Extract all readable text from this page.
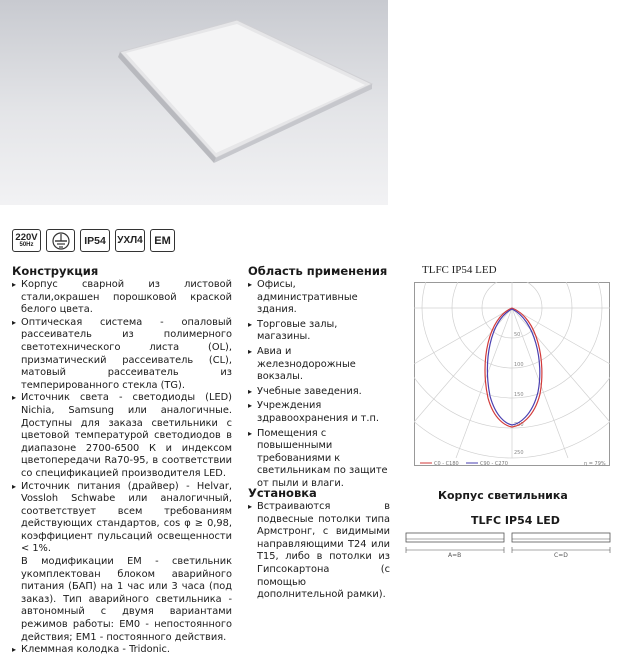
220V
50Hz	IP54	УХЛ4	EM
Конструкция
▸ Корпус сварной из листовой стали,окрашен порошковой краской белого цвета.
▸ Оптическая система - опаловый рассеиватель из полимерного светотехнического листа (OL), призматический рассеиватель (CL), матовый рассеиватель из темперированного стекла (TG).
▸ Источник света - светодиоды (LED) Nichia, Samsung или аналогичные. Доступны для заказа светильники с цветовой температурой светодиодов в диапазоне 2700-6500 К и индексом цветопередачи Ra70-95, в соответствии со спецификацией производителя LED.
▸ Источник питания (драйвер) - Helvar, Vossloh Schwabe или аналогичный, соответствует всем требованиям действующих стандартов, cos φ ≥ 0,98, коэффициент пульсаций освещенности < 1%.
В модификации ЕМ - светильник укомплектован блоком аварийного питания (БАП) на 1 час или 3 часа (под заказ). Тип аварийного светильника - автономный с двумя вариантами режимов работы: ЕМ0 - непостоянного действия; ЕМ1 - постоянного действия.
▸ Клеммная колодка - Tridonic.
Область применения
▸ Офисы, административные здания.
▸ Торговые залы, магазины.
▸ Авиа и железнодорожные вокзалы.
▸ Учебные заведения.
▸ Учреждения здравоохранения и т.п.
▸ Помещения с повышенными требованиями к светильникам по защите от пыли и влаги.
Установка
▸ Встраиваются в подвесные потолки типа Армстронг, с видимыми направляющими Т24 или Т15, либо в потолки из Гипсокартона (с помощью дополнительной рамки).
TLFC IP54 LED
50
100
150
200
250
C0 - C180	C90 - C270	η = 79%
Корпус светильника
TLFC IP54 LED
A=B	C=D
